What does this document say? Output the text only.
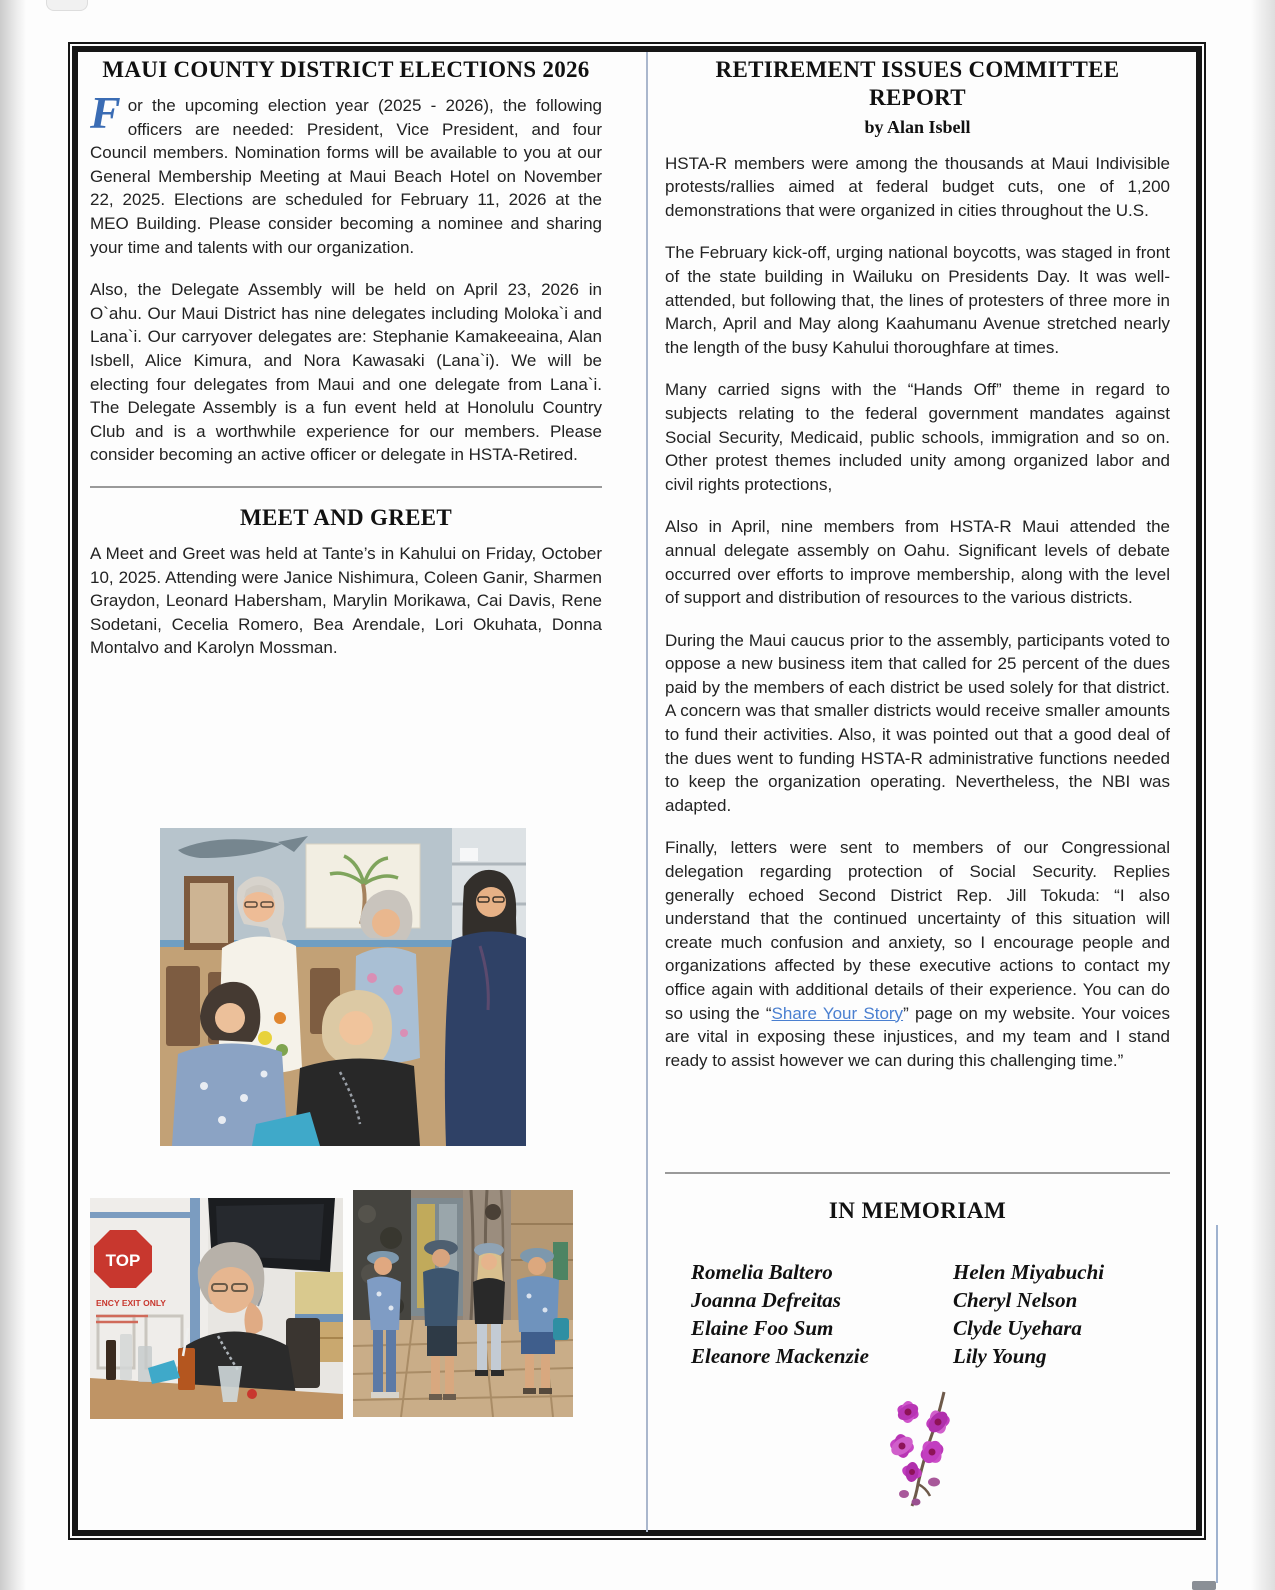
MAUI COUNTY DISTRICT ELECTIONS 2026

For the upcoming election year (2025 - 2026), the following officers are needed: President, Vice President, and four Council members. Nomination forms will be available to you at our General Membership Meeting at Maui Beach Hotel on November 22, 2025. Elections are scheduled for February 11, 2026 at the MEO Building. Please consider becoming a nominee and sharing your time and talents with our organization.

Also, the Delegate Assembly will be held on April 23, 2026 in O`ahu. Our Maui District has nine delegates including Moloka`i and Lana`i. Our carryover delegates are: Stephanie Kamakeeaina, Alan Isbell, Alice Kimura, and Nora Kawasaki (Lana`i). We will be electing four delegates from Maui and one delegate from Lana`i. The Delegate Assembly is a fun event held at Honolulu Country Club and is a worthwhile experience for our members. Please consider becoming an active officer or delegate in HSTA-Retired.

MEET AND GREET

A Meet and Greet was held at Tante’s in Kahului on Friday, October 10, 2025. Attending were Janice Nishimura, Coleen Ganir, Sharmen Graydon, Leonard Habersham, Marylin Morikawa, Cai Davis, Rene Sodetani, Cecelia Romero, Bea Arendale, Lori Okuhata, Donna Montalvo and Karolyn Mossman.

TOP
ENCY EXIT ONLY
RETIREMENT ISSUES COMMITTEE REPORT
by Alan Isbell

HSTA-R members were among the thousands at Maui Indivisible protests/rallies aimed at federal budget cuts, one of 1,200 demonstrations that were organized in cities throughout the U.S.

The February kick-off, urging national boycotts, was staged in front of the state building in Wailuku on Presidents Day. It was well-attended, but following that, the lines of protesters of three more in March, April and May along Kaahumanu Avenue stretched nearly the length of the busy Kahului thoroughfare at times.

Many carried signs with the “Hands Off” theme in regard to subjects relating to the federal government mandates against Social Security, Medicaid, public schools, immigration and so on. Other protest themes included unity among organized labor and civil rights protections,

Also in April, nine members from HSTA-R Maui attended the annual delegate assembly on Oahu. Significant levels of debate occurred over efforts to improve membership, along with the level of support and distribution of resources to the various districts.

During the Maui caucus prior to the assembly, participants voted to oppose a new business item that called for 25 percent of the dues paid by the members of each district be used solely for that district. A concern was that smaller districts would receive smaller amounts to fund their activities. Also, it was pointed out that a good deal of the dues went to funding HSTA-R administrative functions needed to keep the organization operating. Nevertheless, the NBI was adapted.

Finally, letters were sent to members of our Congressional delegation regarding protection of Social Security. Replies generally echoed Second District Rep. Jill Tokuda: “I also understand that the continued uncertainty of this situation will create much confusion and anxiety, so I encourage people and organizations affected by these executive actions to contact my office again with additional details of their experience. You can do so using the “Share Your Story” page on my website. Your voices are vital in exposing these injustices, and my team and I stand ready to assist however we can during this challenging time.”

IN MEMORIAM
Romelia Baltero
Joanna Defreitas
Elaine Foo Sum
Eleanore Mackenzie
Helen Miyabuchi
Cheryl Nelson
Clyde Uyehara
Lily Young
